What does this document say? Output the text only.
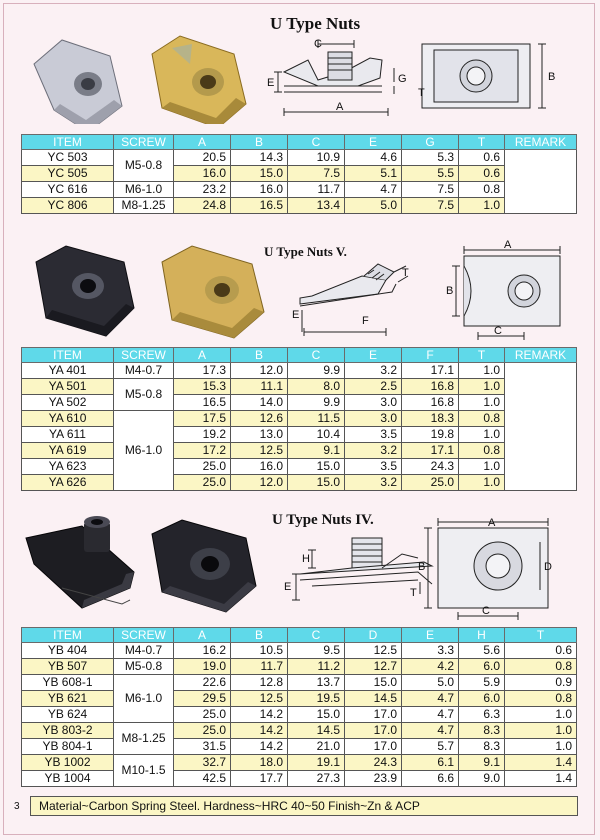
U Type Nuts
C
E	G
T
A
B
ITEM	SCREW	A	B	C	E	G	T	REMARK
YC 503	M5-0.8	20.5	14.3	10.9	4.6	5.3	0.6	
YC 505		16.0	15.0	7.5	5.1	5.5	0.6	
YC 616	M6-1.0	23.2	16.0	11.7	4.7	7.5	0.8	
YC 806	M8-1.25	24.8	16.5	13.4	5.0	7.5	1.0	
U Type Nuts V.
T
E	F
A
B
C
ITEM	SCREW	A	B	C	E	F	T	REMARK
YA 401	M4-0.7	17.3	12.0	9.9	3.2	17.1	1.0	
YA 501	M5-0.8	15.3	11.1	8.0	2.5	16.8	1.0	
YA 502		16.5	14.0	9.9	3.0	16.8	1.0	
YA 610	M6-1.0	17.5	12.6	11.5	3.0	18.3	0.8	
YA 611		19.2	13.0	10.4	3.5	19.8	1.0	
YA 619		17.2	12.5	9.1	3.2	17.1	0.8	
YA 623		25.0	16.0	15.0	3.5	24.3	1.0	
YA 626		25.0	12.0	15.0	3.2	25.0	1.0	
U Type Nuts IV.
H
E	T
A
B	D
C
ITEM	SCREW	A	B	C	D	E	H	T
YB 404	M4-0.7	16.2	10.5	9.5	12.5	3.3	5.6	0.6
YB 507	M5-0.8	19.0	11.7	11.2	12.7	4.2	6.0	0.8
YB 608-1	M6-1.0	22.6	12.8	13.7	15.0	5.0	5.9	0.9
YB 621		29.5	12.5	19.5	14.5	4.7	6.0	0.8
YB 624		25.0	14.2	15.0	17.0	4.7	6.3	1.0
YB 803-2	M8-1.25	25.0	14.2	14.5	17.0	4.7	8.3	1.0
YB 804-1		31.5	14.2	21.0	17.0	5.7	8.3	1.0
YB 1002	M10-1.5	32.7	18.0	19.1	24.3	6.1	9.1	1.4
YB 1004		42.5	17.7	27.3	23.9	6.6	9.0	1.4
3	Material~Carbon Spring Steel. Hardness~HRC 40~50 Finish~Zn & ACP
